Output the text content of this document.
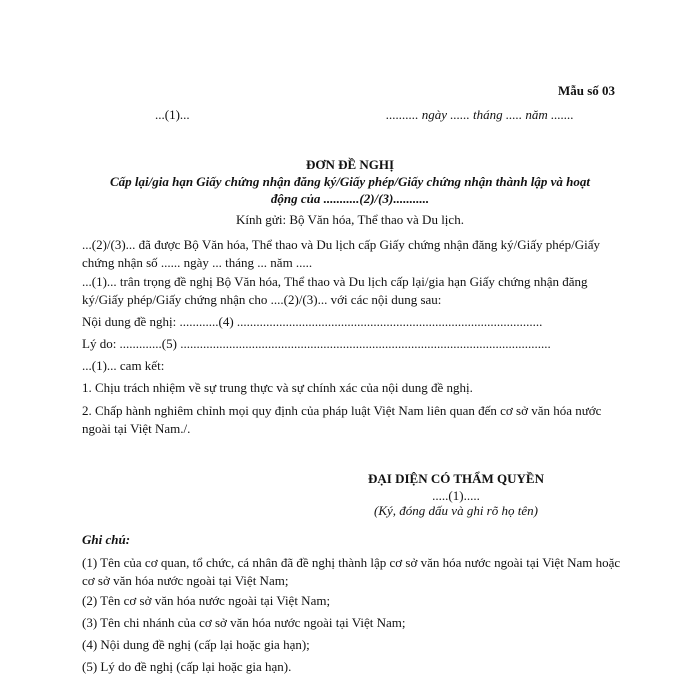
Mẫu số 03
...(1)...	.......... ngày ...... tháng ..... năm .......
ĐƠN ĐỀ NGHỊ
Cấp lại/gia hạn Giấy chứng nhận đăng ký/Giấy phép/Giấy chứng nhận thành lập và hoạt
động của ...........(2)/(3)...........
Kính gửi: Bộ Văn hóa, Thể thao và Du lịch.
...(2)/(3)... đã được Bộ Văn hóa, Thể thao và Du lịch cấp Giấy chứng nhận đăng ký/Giấy phép/Giấy chứng nhận số ...... ngày ... tháng ... năm .....
...(1)... trân trọng đề nghị Bộ Văn hóa, Thể thao và Du lịch cấp lại/gia hạn Giấy chứng nhận đăng ký/Giấy phép/Giấy chứng nhận cho ....(2)/(3)... với các nội dung sau:
Nội dung đề nghị: ............(4) ..............................................................................................
Lý do: .............(5) ..................................................................................................................
...(1)... cam kết:
1. Chịu trách nhiệm về sự trung thực và sự chính xác của nội dung đề nghị.
2. Chấp hành nghiêm chỉnh mọi quy định của pháp luật Việt Nam liên quan đến cơ sở văn hóa nước ngoài tại Việt Nam./.
ĐẠI DIỆN CÓ THẨM QUYỀN
.....(1).....
(Ký, đóng dấu và ghi rõ họ tên)
Ghi chú:
(1) Tên của cơ quan, tổ chức, cá nhân đã đề nghị thành lập cơ sở văn hóa nước ngoài tại Việt Nam hoặc cơ sở văn hóa nước ngoài tại Việt Nam;
(2) Tên cơ sở văn hóa nước ngoài tại Việt Nam;
(3) Tên chi nhánh của cơ sở văn hóa nước ngoài tại Việt Nam;
(4) Nội dung đề nghị (cấp lại hoặc gia hạn);
(5) Lý do đề nghị (cấp lại hoặc gia hạn).
